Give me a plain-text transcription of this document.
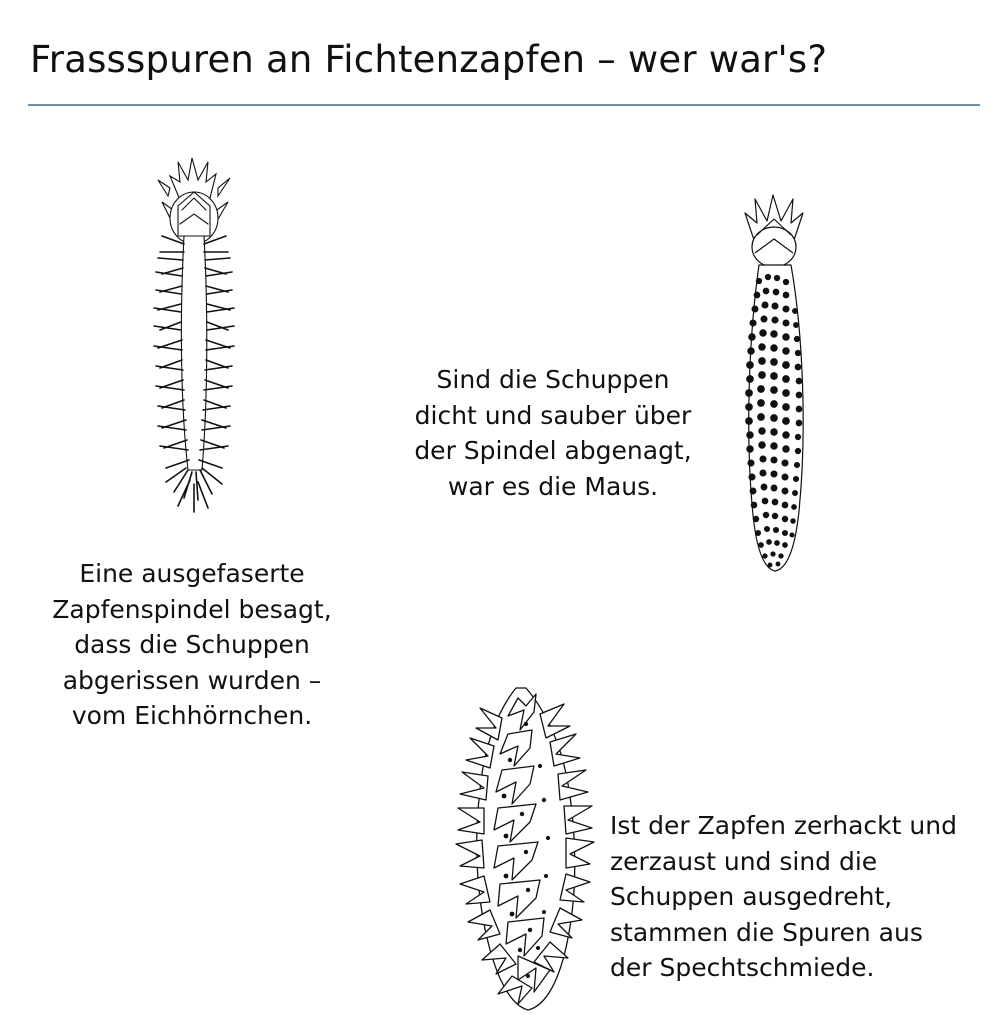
Frassspuren an Fichtenzapfen – wer war's?
Eine ausgefaserte Zapfenspindel besagt, dass die Schuppen abgerissen wurden – vom Eichhörnchen.
Sind die Schuppen dicht und sauber über der Spindel abgenagt, war es die Maus.
Ist der Zapfen zerhackt und zerzaust und sind die Schuppen ausgedreht, stammen die Spuren aus der Spechtschmiede.
